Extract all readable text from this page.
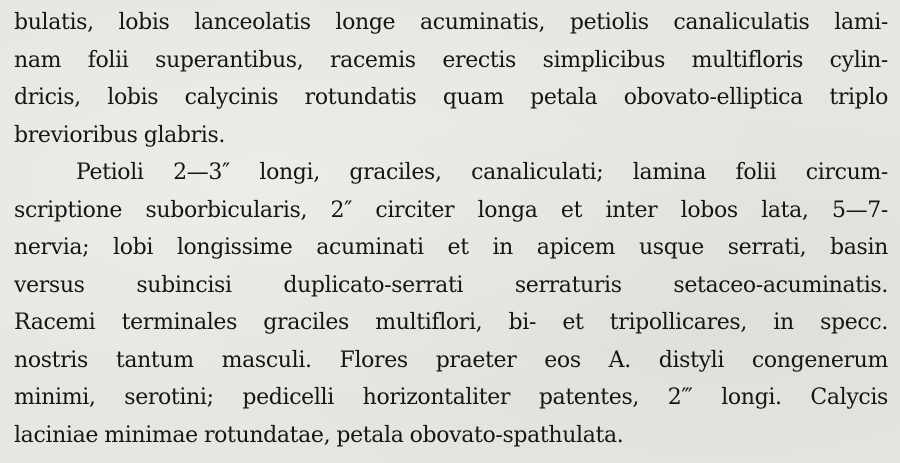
bulatis, lobis lanceolatis longe acuminatis, petiolis canaliculatis lami-
nam folii superantibus, racemis erectis simplicibus multifloris cylin-
dricis, lobis calycinis rotundatis quam petala obovato-elliptica triplo
brevioribus glabris.
Petioli 2—3″ longi, graciles, canaliculati; lamina folii circum-
scriptione suborbicularis, 2″ circiter longa et inter lobos lata, 5—7-
nervia; lobi longissime acuminati et in apicem usque serrati, basin
versus subincisi duplicato-serrati serraturis setaceo-acuminatis.
Racemi terminales graciles multiflori, bi- et tripollicares, in specc.
nostris tantum masculi. Flores praeter eos A. distyli congenerum
minimi, serotini; pedicelli horizontaliter patentes, 2‴ longi. Calycis
laciniae minimae rotundatae, petala obovato-spathulata.
